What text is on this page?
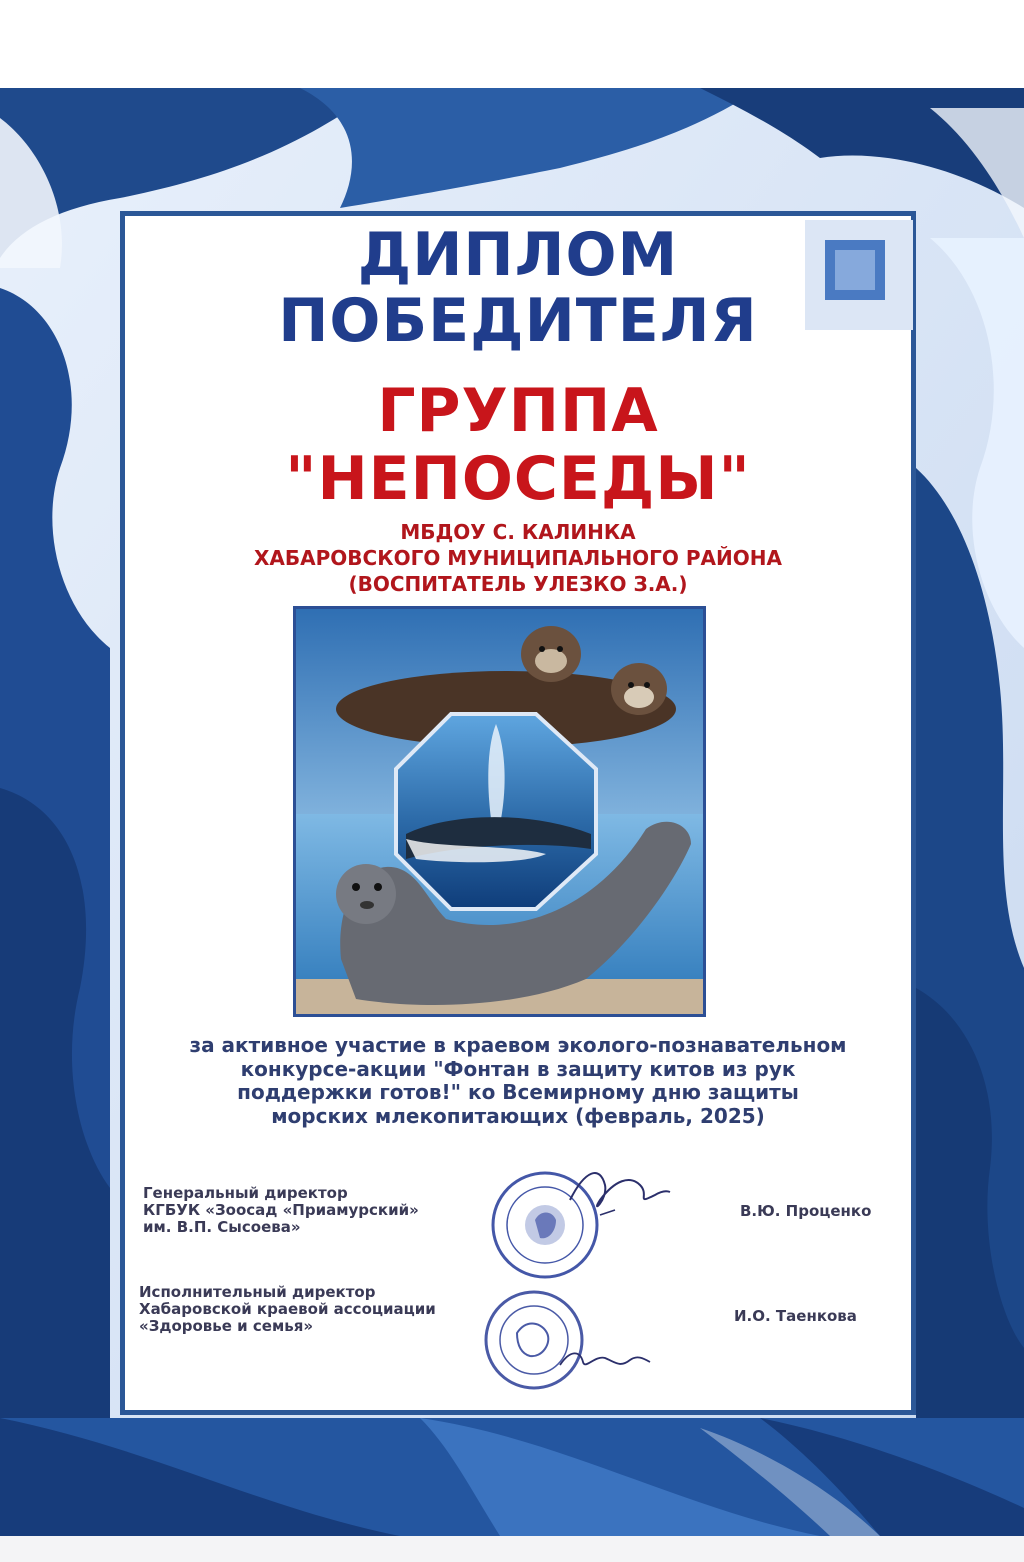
ДИПЛОМ
ПОБЕДИТЕЛЯ
ГРУППА
"НЕПОСЕДЫ"
МБДОУ С. КАЛИНКА
ХАБАРОВСКОГО МУНИЦИПАЛЬНОГО РАЙОНА
(ВОСПИТАТЕЛЬ УЛЕЗКО З.А.)
за активное участие в краевом эколого-познавательном
конкурсе-акции "Фонтан в защиту китов из рук
поддержки готов!" ко Всемирному дню защиты
морских млекопитающих (февраль, 2025)
Генеральный директор
КГБУК «Зоосад «Приамурский»
им. В.П. Сысоева»
В.Ю. Проценко
Исполнительный директор
Хабаровской краевой ассоциации
«Здоровье и семья»
И.О. Таенкова
